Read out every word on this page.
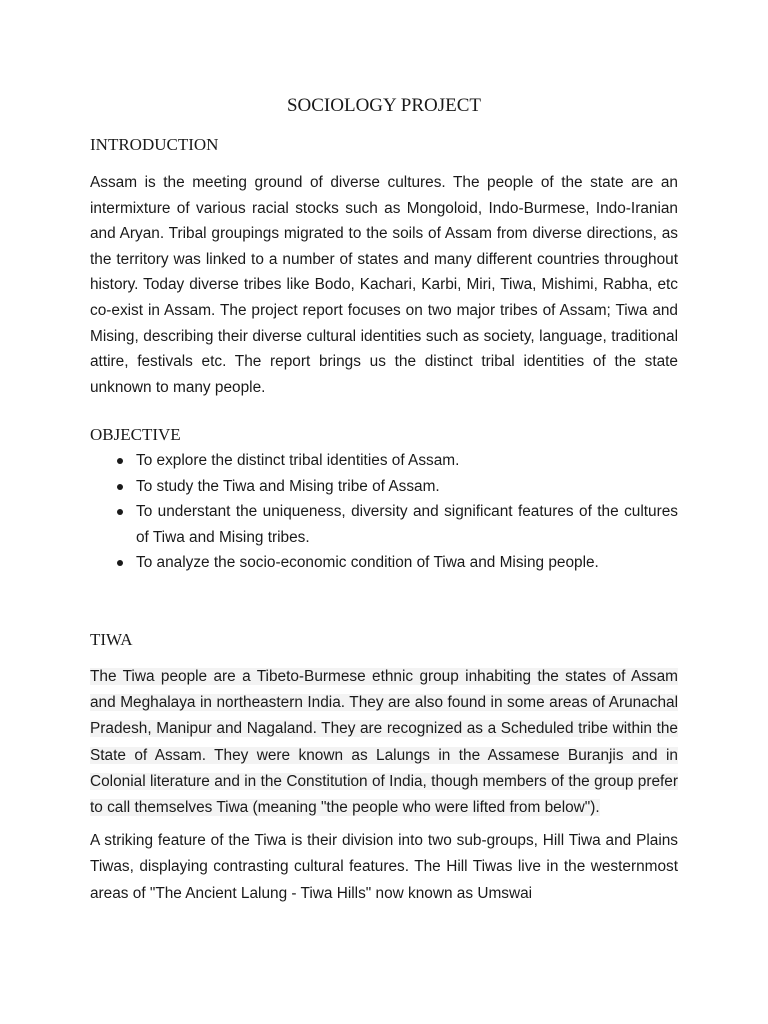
SOCIOLOGY PROJECT
INTRODUCTION
Assam is the meeting ground of diverse cultures. The people of the state are an intermixture of various racial stocks such as Mongoloid, Indo-Burmese, Indo-Iranian and Aryan. Tribal groupings migrated to the soils of Assam from diverse directions, as the territory was linked to a number of states and many different countries throughout history. Today diverse tribes like Bodo, Kachari, Karbi, Miri, Tiwa, Mishimi, Rabha, etc co-exist in Assam. The project report focuses on two major tribes of Assam; Tiwa and Mising, describing their diverse cultural identities such as society, language, traditional attire, festivals etc. The report brings us the distinct tribal identities of the state unknown to many people.
OBJECTIVE
To explore the distinct tribal identities of Assam.
To study the Tiwa and Mising tribe of Assam.
To understant the uniqueness, diversity and significant features of the cultures of Tiwa and Mising tribes.
To analyze the socio-economic condition of Tiwa and Mising people.
TIWA
The Tiwa people are a Tibeto-Burmese ethnic group inhabiting the states of Assam and Meghalaya in northeastern India. They are also found in some areas of Arunachal Pradesh, Manipur and Nagaland. They are recognized as a Scheduled tribe within the State of Assam. They were known as Lalungs in the Assamese Buranjis and in Colonial literature and in the Constitution of India, though members of the group prefer to call themselves Tiwa (meaning "the people who were lifted from below").
A striking feature of the Tiwa is their division into two sub-groups, Hill Tiwa and Plains Tiwas, displaying contrasting cultural features. The Hill Tiwas live in the westernmost areas of "The Ancient Lalung - Tiwa Hills" now known as Umswai
